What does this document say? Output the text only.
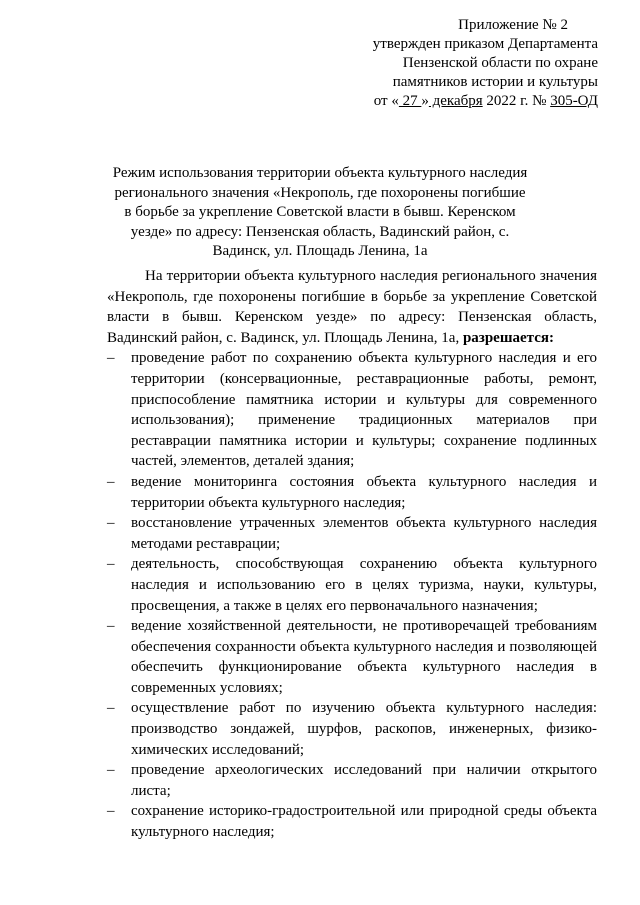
Приложение № 2
утвержден приказом Департамента
Пензенской области по охране
памятников истории и культуры
от « 27 » декабря 2022 г. № 305-ОД
Режим использования территории объекта культурного наследия регионального значения «Некрополь, где похоронены погибшие в борьбе за укрепление Советской власти в бывш. Керенском уезде» по адресу: Пензенская область, Вадинский район, с. Вадинск, ул. Площадь Ленина, 1а

На территории объекта культурного наследия регионального значения «Некрополь, где похоронены погибшие в борьбе за укрепление Советской власти в бывш. Керенском уезде» по адресу: Пензенская область, Вадинский район, с. Вадинск, ул. Площадь Ленина, 1а, разрешается:

–	проведение работ по сохранению объекта культурного наследия и его территории (консервационные, реставрационные работы, ремонт, приспособление памятника истории и культуры для современного использования); применение традиционных материалов при реставрации памятника истории и культуры; сохранение подлинных частей, элементов, деталей здания;
–	ведение мониторинга состояния объекта культурного наследия и территории объекта культурного наследия;
–	восстановление утраченных элементов объекта культурного наследия методами реставрации;
–	деятельность, способствующая сохранению объекта культурного наследия и использованию его в целях туризма, науки, культуры, просвещения, а также в целях его первоначального назначения;
–	ведение хозяйственной деятельности, не противоречащей требованиям обеспечения сохранности объекта культурного наследия и позволяющей обеспечить функционирование объекта культурного наследия в современных условиях;
–	осуществление работ по изучению объекта культурного наследия: производство зондажей, шурфов, раскопов, инженерных, физико-химических исследований;
–	проведение археологических исследований при наличии открытого листа;
–	сохранение историко-градостроительной или природной среды объекта культурного наследия;
